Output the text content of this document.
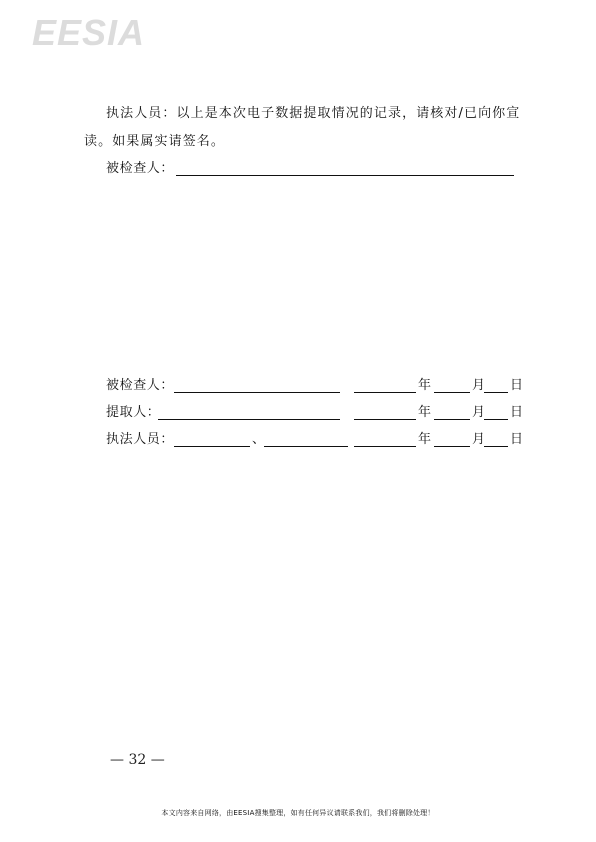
EESIA
执法人员：以上是本次电子数据提取情况的记录，请核对/已向你宣
读。如果属实请签名。
被检查人：
被检查人：	年	月 日
提取人：	年	月 日
执法人员：	、	年	月 日
— 32 —
本文内容来自网络，由EESIA搜集整理，如有任何异议请联系我们，我们将删除处理！
